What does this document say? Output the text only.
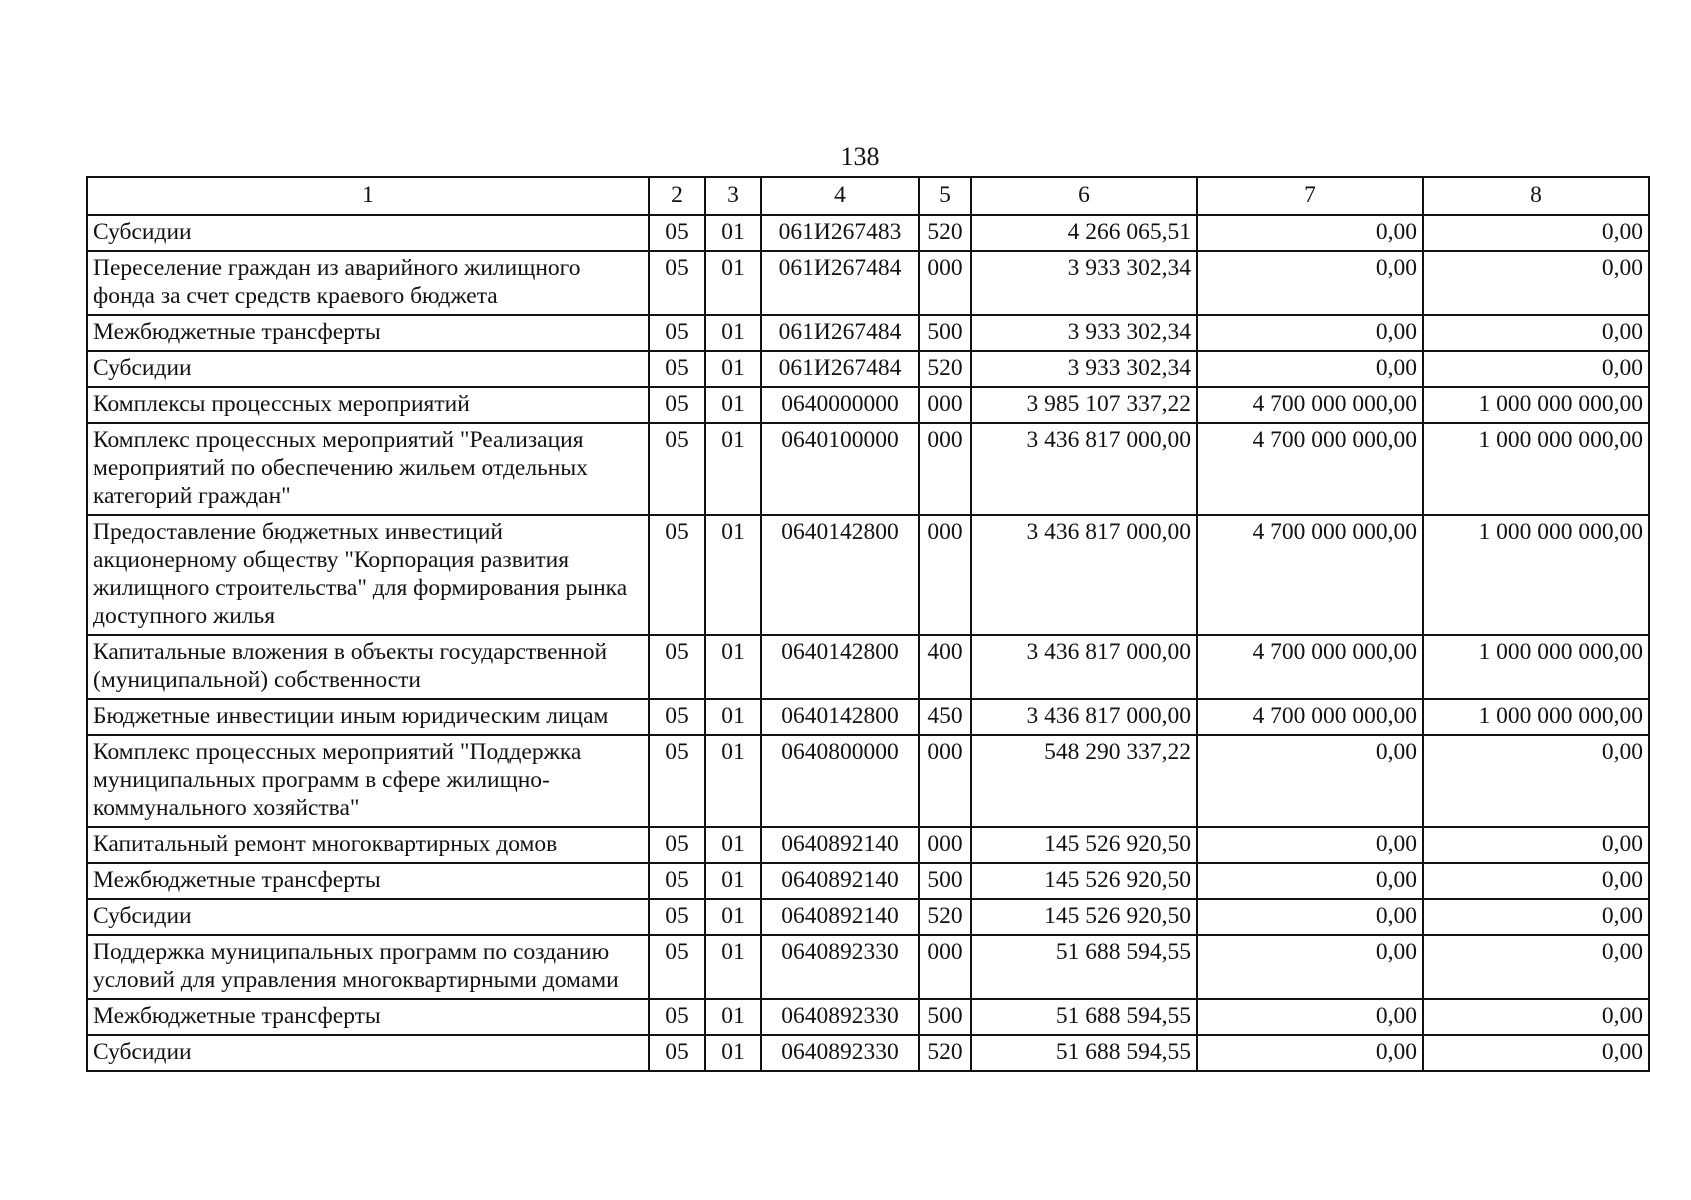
138
1	2	3	4	5	6	7	8
Субсидии	05	01	061И267483	520	4 266 065,51	0,00	0,00
Переселение граждан из аварийного жилищного фонда за счет средств краевого бюджета	05	01	061И267484	000	3 933 302,34	0,00	0,00
Межбюджетные трансферты	05	01	061И267484	500	3 933 302,34	0,00	0,00
Субсидии	05	01	061И267484	520	3 933 302,34	0,00	0,00
Комплексы процессных мероприятий	05	01	0640000000	000	3 985 107 337,22	4 700 000 000,00	1 000 000 000,00
Комплекс процессных мероприятий "Реализация мероприятий по обеспечению жильем отдельных категорий граждан"	05	01	0640100000	000	3 436 817 000,00	4 700 000 000,00	1 000 000 000,00
Предоставление бюджетных инвестиций акционерному обществу "Корпорация развития жилищного строительства" для формирования рынка доступного жилья	05	01	0640142800	000	3 436 817 000,00	4 700 000 000,00	1 000 000 000,00
Капитальные вложения в объекты государственной (муниципальной) собственности	05	01	0640142800	400	3 436 817 000,00	4 700 000 000,00	1 000 000 000,00
Бюджетные инвестиции иным юридическим лицам	05	01	0640142800	450	3 436 817 000,00	4 700 000 000,00	1 000 000 000,00
Комплекс процессных мероприятий "Поддержка муниципальных программ в сфере жилищно-коммунального хозяйства"	05	01	0640800000	000	548 290 337,22	0,00	0,00
Капитальный ремонт многоквартирных домов	05	01	0640892140	000	145 526 920,50	0,00	0,00
Межбюджетные трансферты	05	01	0640892140	500	145 526 920,50	0,00	0,00
Субсидии	05	01	0640892140	520	145 526 920,50	0,00	0,00
Поддержка муниципальных программ по созданию условий для управления многоквартирными домами	05	01	0640892330	000	51 688 594,55	0,00	0,00
Межбюджетные трансферты	05	01	0640892330	500	51 688 594,55	0,00	0,00
Субсидии	05	01	0640892330	520	51 688 594,55	0,00	0,00
